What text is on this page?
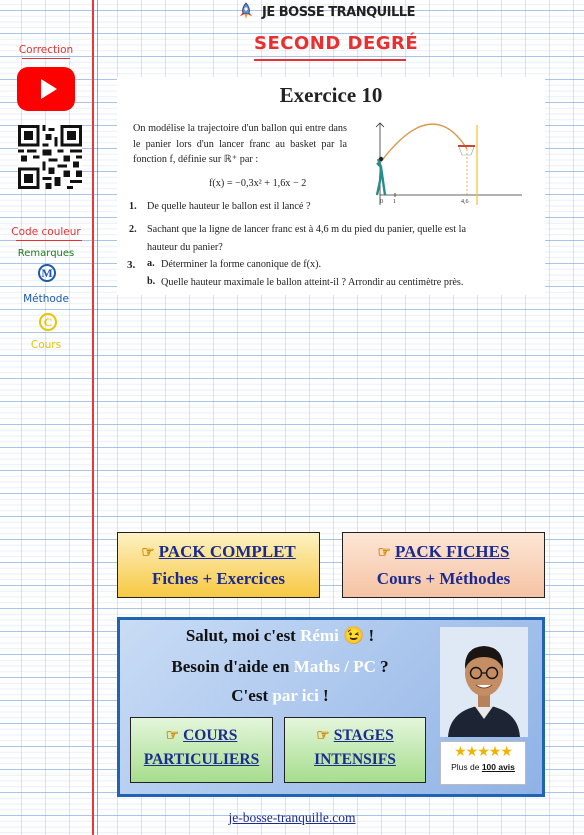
JE BOSSE TRANQUILLE
SECOND DEGRÉ
Correction
Code couleur
Remarques
M
Méthode
C
Cours
Exercice 10
On modélise la trajectoire d'un ballon qui entre dans le panier lors d'un lancer franc au basket par la fonction f, définie sur ℝ⁺ par :
f(x) = −0,3x² + 1,6x − 2
0 1	4,6
1. De quelle hauteur le ballon est il lancé ?
2. Sachant que la ligne de lancer franc est à 4,6 m du pied du panier, quelle est la
hauteur du panier?
3. a. Déterminer la forme canonique de f(x).
b. Quelle hauteur maximale le ballon atteint-il ? Arrondir au centimètre près.
☞ PACK COMPLET
Fiches + Exercices
☞ PACK FICHES
Cours + Méthodes
Salut, moi c'est Rémi 😉 !
Besoin d'aide en Maths / PC ?
C'est par ici !
☞ COURS
PARTICULIERS
☞ STAGES
INTENSIFS	★★★★★
Plus de 100 avis
je-bosse-tranquille.com
